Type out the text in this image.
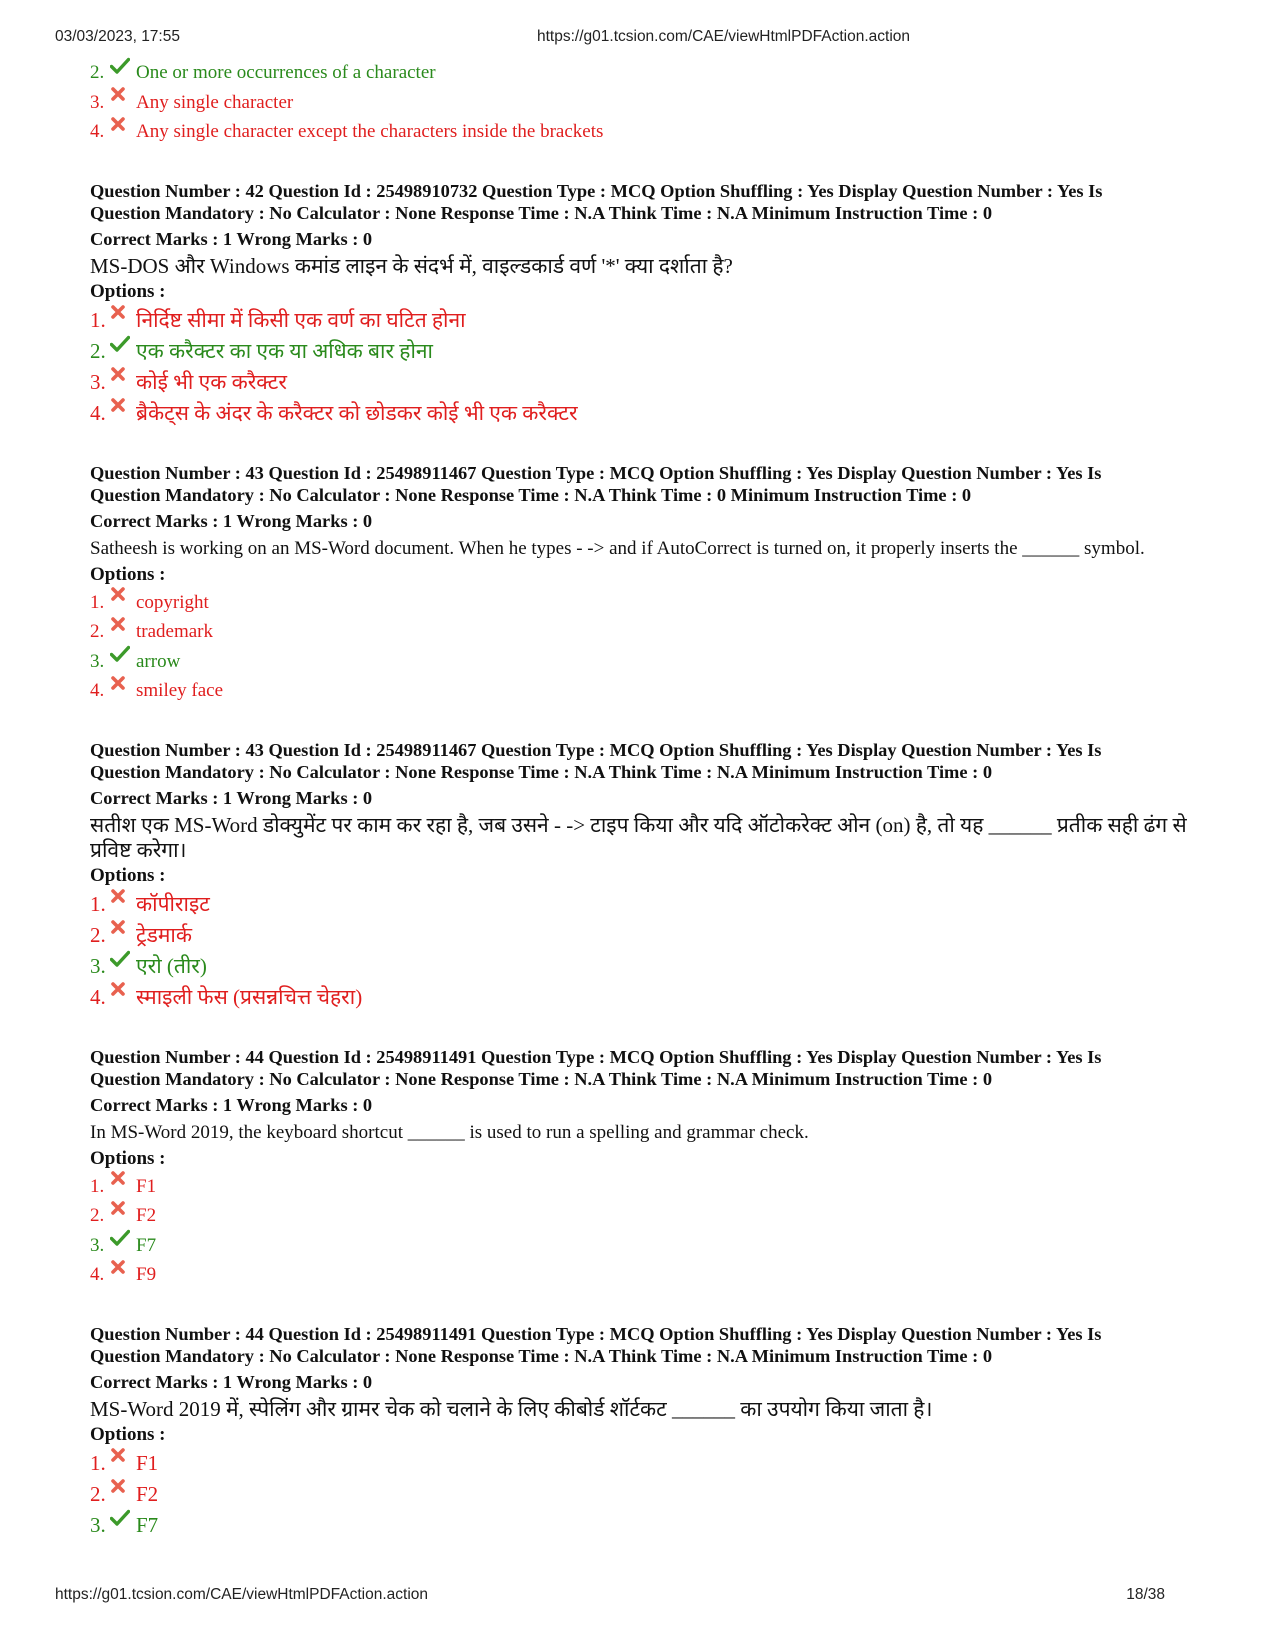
03/03/2023, 17:55	https://g01.tcsion.com/CAE/viewHtmlPDFAction.action
2.	One or more occurrences of a character
3.	Any single character
4.	Any single character except the characters inside the brackets
Question Number : 42 Question Id : 25498910732 Question Type : MCQ Option Shuffling : Yes Display Question Number : Yes Is
Question Mandatory : No Calculator : None Response Time : N.A Think Time : N.A Minimum Instruction Time : 0
Correct Marks : 1 Wrong Marks : 0
MS-DOS और Windows कमांड लाइन के संदर्भ में, वाइल्डकार्ड वर्ण '*' क्या दर्शाता है?
Options :
1. निर्दिष्ट सीमा में किसी एक वर्ण का घटित होना
2. एक करैक्टर का एक या अधिक बार होना
3. कोई भी एक करैक्टर
4. ब्रैकेट्स के अंदर के करैक्टर को छोडकर कोई भी एक करैक्टर
Question Number : 43 Question Id : 25498911467 Question Type : MCQ Option Shuffling : Yes Display Question Number : Yes Is
Question Mandatory : No Calculator : None Response Time : N.A Think Time : 0 Minimum Instruction Time : 0
Correct Marks : 1 Wrong Marks : 0
Satheesh is working on an MS-Word document. When he types - -> and if AutoCorrect is turned on, it properly inserts the ______ symbol.
Options :
1.	copyright
2.	trademark
3.	arrow
4.	smiley face
Question Number : 43 Question Id : 25498911467 Question Type : MCQ Option Shuffling : Yes Display Question Number : Yes Is
Question Mandatory : No Calculator : None Response Time : N.A Think Time : N.A Minimum Instruction Time : 0
Correct Marks : 1 Wrong Marks : 0
सतीश एक MS-Word डोक्युमेंट पर काम कर रहा है, जब उसने - -> टाइप किया और यदि ऑटोकरेक्ट ओन (on) है, तो यह ______ प्रतीक सही ढंग से प्रविष्ट करेगा।
Options :
1. कॉपीराइट
2. ट्रेडमार्क
3. एरो (तीर)
4. स्माइली फेस (प्रसन्नचित्त चेहरा)
Question Number : 44 Question Id : 25498911491 Question Type : MCQ Option Shuffling : Yes Display Question Number : Yes Is
Question Mandatory : No Calculator : None Response Time : N.A Think Time : N.A Minimum Instruction Time : 0
Correct Marks : 1 Wrong Marks : 0
In MS-Word 2019, the keyboard shortcut ______ is used to run a spelling and grammar check.
Options :
1.	F1
2.	F2
3.	F7
4.	F9
Question Number : 44 Question Id : 25498911491 Question Type : MCQ Option Shuffling : Yes Display Question Number : Yes Is
Question Mandatory : No Calculator : None Response Time : N.A Think Time : N.A Minimum Instruction Time : 0
Correct Marks : 1 Wrong Marks : 0
MS-Word 2019 में, स्पेलिंग और ग्रामर चेक को चलाने के लिए कीबोर्ड शॉर्टकट ______ का उपयोग किया जाता है।
Options :
1. F1
2. F2
3. F7
https://g01.tcsion.com/CAE/viewHtmlPDFAction.action	18/38
